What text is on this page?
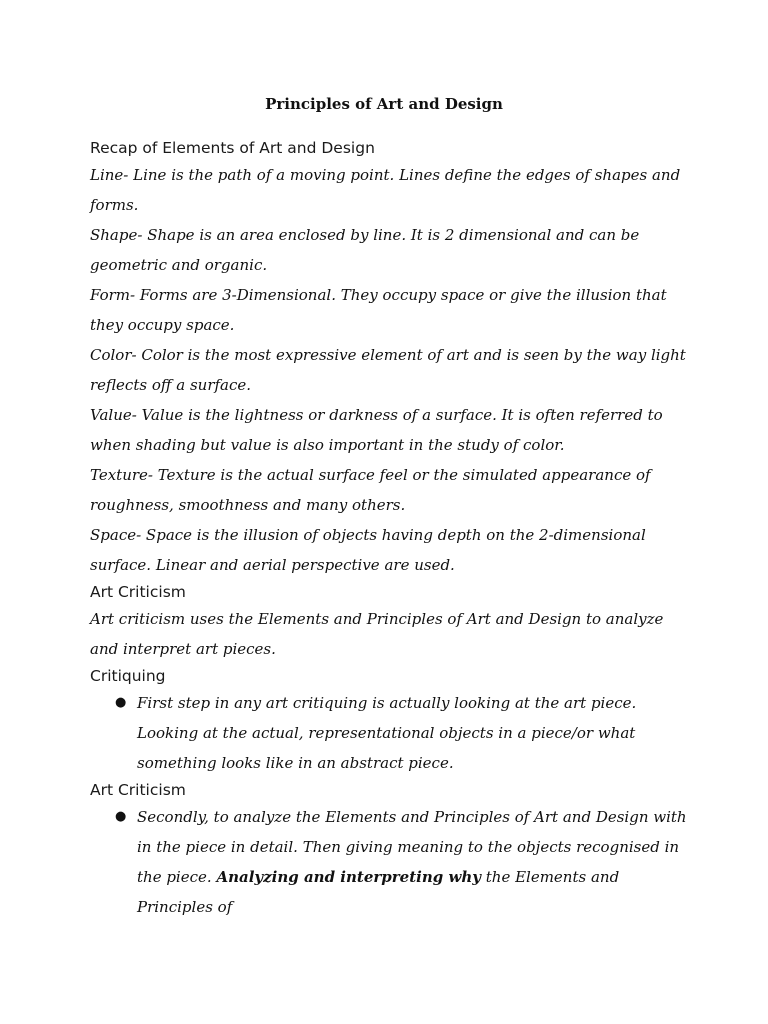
Principles of Art and Design

Recap of Elements of Art and Design

Line- Line is the path of a moving point. Lines define the edges of shapes and forms.

Shape- Shape is an area enclosed by line. It is 2 dimensional and can be geometric and organic.

Form- Forms are 3-Dimensional. They occupy space or give the illusion that they occupy space.

Color- Color is the most expressive element of art and is seen by the way light reflects off a surface.

Value- Value is the lightness or darkness of a surface. It is often referred to when shading but value is also important in the study of color.

Texture- Texture is the actual surface feel or the simulated appearance of roughness, smoothness and many others.

Space- Space is the illusion of objects having depth on the 2-dimensional surface. Linear and aerial perspective are used.

Art Criticism

Art criticism uses the Elements and Principles of Art and Design to analyze and interpret art pieces.

Critiquing

● First step in any art critiquing is actually looking at the art piece. Looking at the actual, representational objects in a piece/or what something looks like in an abstract piece.

Art Criticism

● Secondly, to analyze the Elements and Principles of Art and Design with in the piece in detail. Then giving meaning to the objects recognised in the piece. Analyzing and interpreting why the Elements and Principles of
